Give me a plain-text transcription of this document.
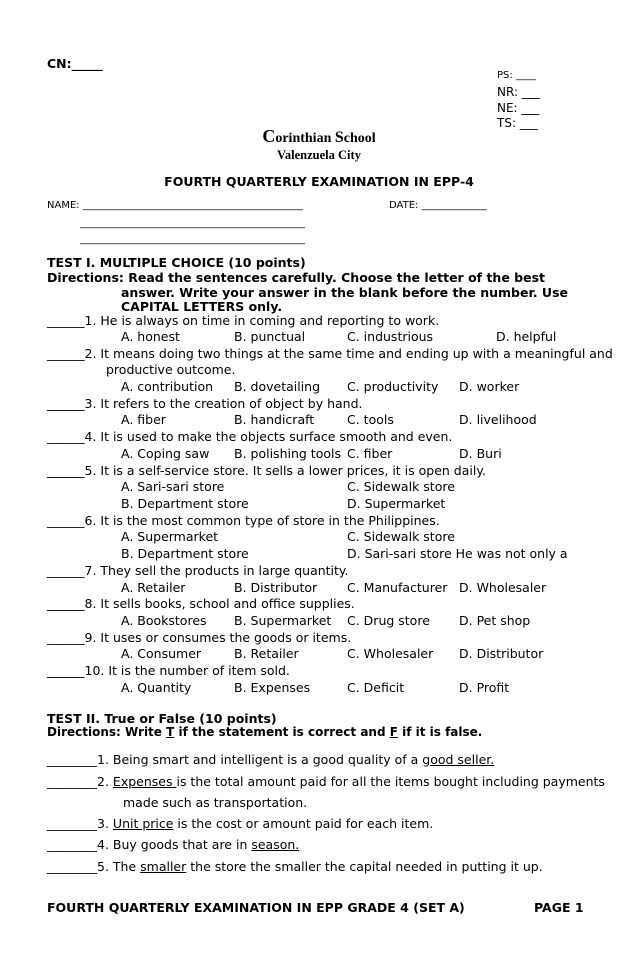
CN:_____
PS: ____
NR: ___
NE: ___
TS: ___
Corinthian School
Valenzuela City
FOURTH QUARTERLY EXAMINATION IN EPP-4
NAME: ____________________________________________	DATE: _____________
_____________________________________________
_____________________________________________
TEST I. MULTIPLE CHOICE (10 points)
Directions: Read the sentences carefully. Choose the letter of the best
answer. Write your answer in the blank before the number. Use
CAPITAL LETTERS only.
______1. He is always on time in coming and reporting to work.
A. honest	B. punctual	C. industrious	D. helpful
______2. It means doing two things at the same time and ending up with a meaningful and
productive outcome.
A. contribution B. dovetailing C. productivity D. worker
______3. It refers to the creation of object by hand.
A. fiber	B. handicraft	C. tools	D. livelihood
______4. It is used to make the objects surface smooth and even.
A. Coping saw B. polishing tools C. fiber	D. Buri
______5. It is a self-service store. It sells a lower prices, it is open daily.
A. Sari-sari store	C. Sidewalk store
B. Department store	D. Supermarket
______6. It is the most common type of store in the Philippines.
A. Supermarket	C. Sidewalk store
B. Department store	D. Sari-sari store He was not only a
______7. They sell the products in large quantity.
A. Retailer	B. Distributor C. Manufacturer D. Wholesaler
______8. It sells books, school and office supplies.
A. Bookstores B. Supermarket C. Drug store D. Pet shop
______9. It uses or consumes the goods or items.
A. Consumer	B. Retailer	C. Wholesaler D. Distributor
______10. It is the number of item sold.
A. Quantity	B. Expenses	C. Deficit	D. Profit
TEST II. True or False (10 points)
Directions: Write T if the statement is correct and F if it is false.
________1. Being smart and intelligent is a good quality of a good seller.
________2. Expenses is the total amount paid for all the items bought including payments
made such as transportation.
________3. Unit price is the cost or amount paid for each item.
________4. Buy goods that are in season.
________5. The smaller the store the smaller the capital needed in putting it up.
FOURTH QUARTERLY EXAMINATION IN EPP GRADE 4 (SET A)	PAGE 1
